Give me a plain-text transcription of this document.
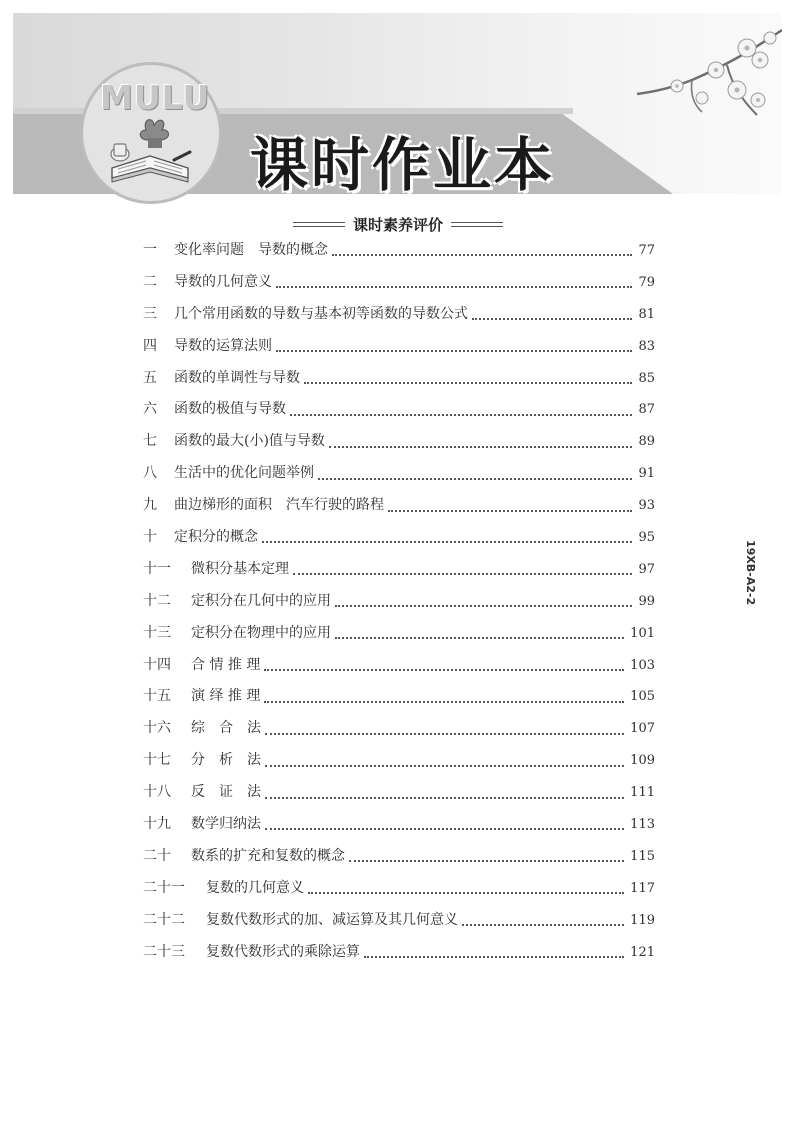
MULU
课时作业本
课时素养评价
一	变化率问题　导数的概念	77
二	导数的几何意义	79
三	几个常用函数的导数与基本初等函数的导数公式	81
四	导数的运算法则	83
五	函数的单调性与导数	85
六	函数的极值与导数	87
七	函数的最大(小)值与导数	89
八	生活中的优化问题举例	91
九	曲边梯形的面积　汽车行驶的路程	93
十	定积分的概念	95
十一	微积分基本定理	97
十二	定积分在几何中的应用	99
十三	定积分在物理中的应用	101
十四	合 情 推 理	103
十五	演 绎 推 理	105
十六	综　合　法	107
十七	分　析　法	109
十八	反　证　法	111
十九	数学归纳法	113
二十	数系的扩充和复数的概念	115
二十一	复数的几何意义	117
二十二	复数代数形式的加、减运算及其几何意义	119
二十三	复数代数形式的乘除运算	121
19XB-A2-2
